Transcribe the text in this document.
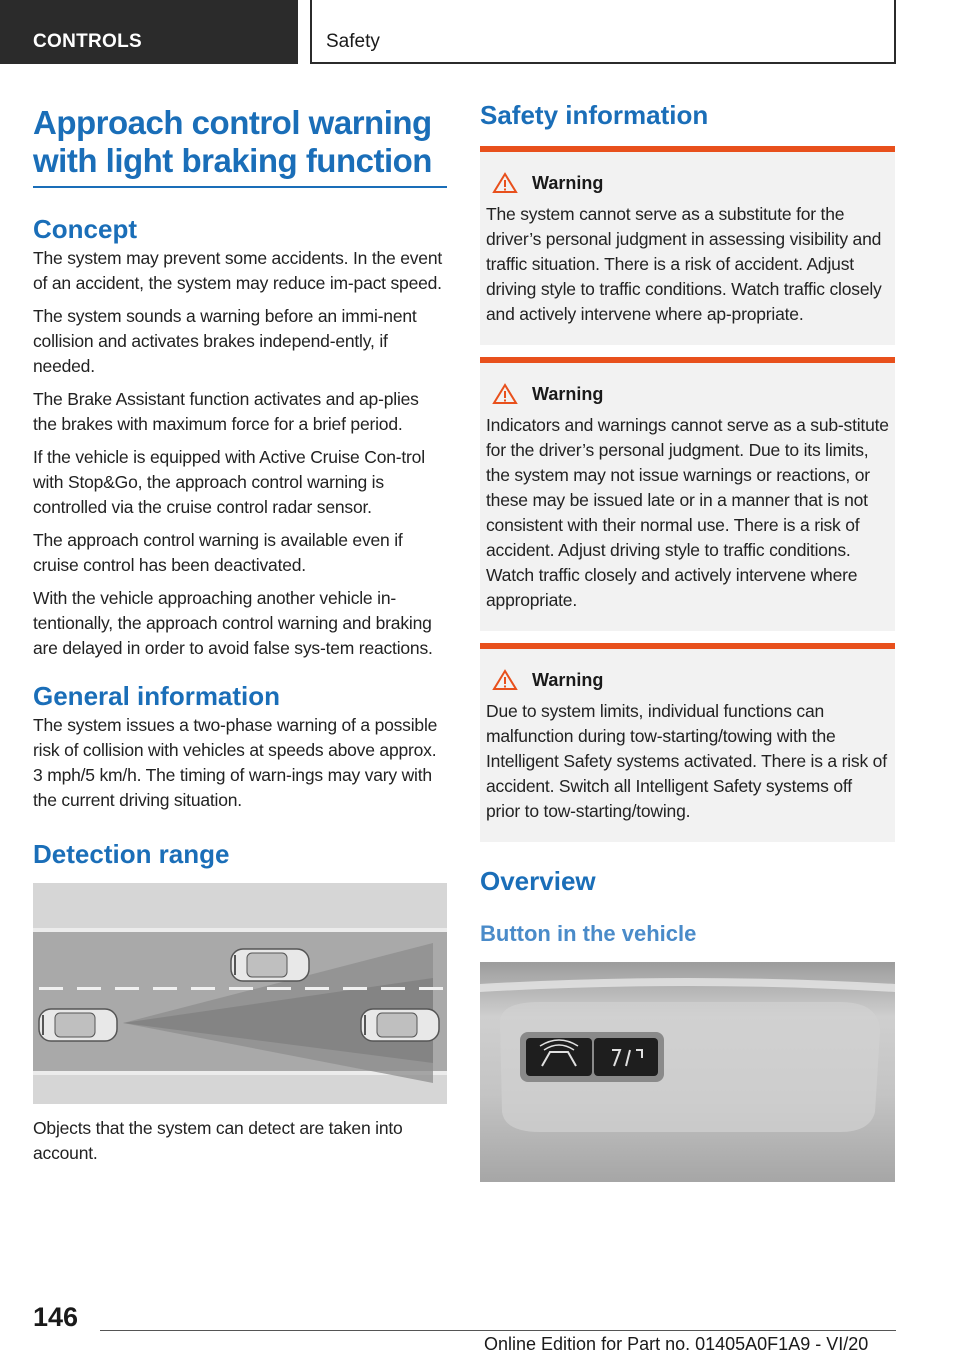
CONTROLS	Safety
Approach control warning
with light braking function
Concept

The system may prevent some accidents. In the event of an accident, the system may reduce im‐pact speed.

The system sounds a warning before an immi‐nent collision and activates brakes independ‐ently, if needed.

The Brake Assistant function activates and ap‐plies the brakes with maximum force for a brief period.

If the vehicle is equipped with Active Cruise Con‐trol with Stop&Go, the approach control warning is controlled via the cruise control radar sensor.

The approach control warning is available even if cruise control has been deactivated.

With the vehicle approaching another vehicle in‐tentionally, the approach control warning and braking are delayed in order to avoid false sys‐tem reactions.

General information

The system issues a two-phase warning of a possible risk of collision with vehicles at speeds above approx. 3 mph/5 km/h. The timing of warn‐ings may vary with the current driving situation.

Detection range

Objects that the system can detect are taken into account.

Safety information
Warning

The system cannot serve as a substitute for the driver’s personal judgment in assessing visibility and traffic situation. There is a risk of accident. Adjust driving style to traffic conditions. Watch traffic closely and actively intervene where ap‐propriate.

Warning

Indicators and warnings cannot serve as a sub‐stitute for the driver’s personal judgment. Due to its limits, the system may not issue warnings or reactions, or these may be issued late or in a manner that is not consistent with their normal use. There is a risk of accident. Adjust driving style to traffic conditions. Watch traffic closely and actively intervene where appropriate.

Warning

Due to system limits, individual functions can malfunction during tow-starting/towing with the Intelligent Safety systems activated. There is a risk of accident. Switch all Intelligent Safety systems off prior to tow-starting/towing.

Overview
Button in the vehicle
146
Online Edition for Part no. 01405A0F1A9 - VI/20
